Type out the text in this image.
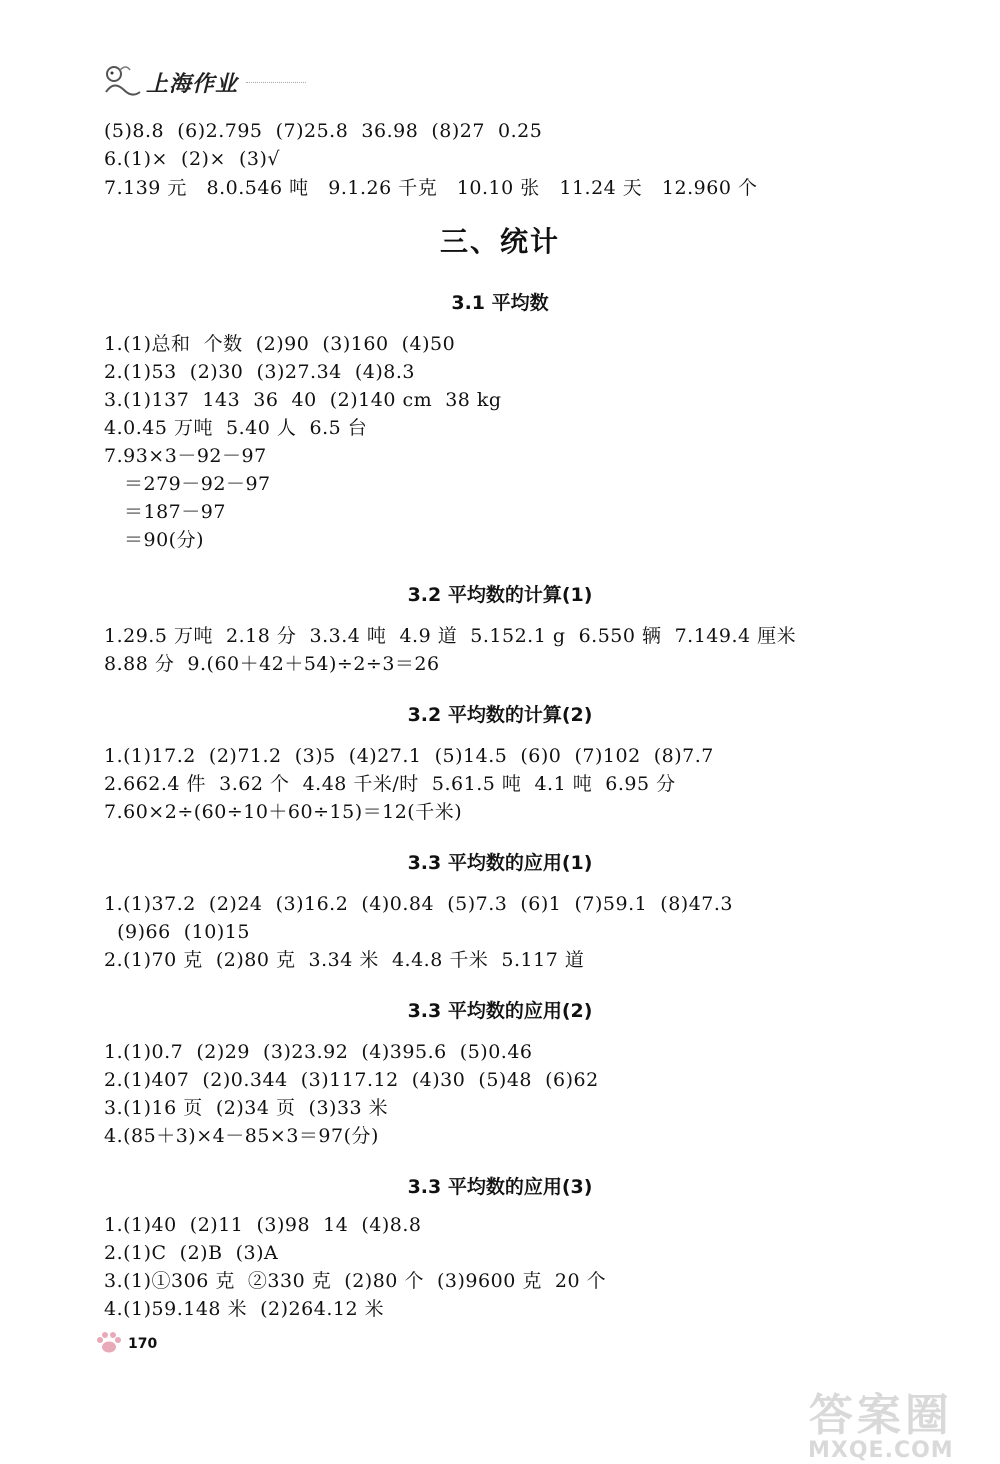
上海作业
(5)8.8  (6)2.795  (7)25.8  36.98  (8)27  0.25
6.(1)×  (2)×  (3)√
7.139 元   8.0.546 吨   9.1.26 千克   10.10 张   11.24 天   12.960 个
三、统计
3.1 平均数
1.(1)总和  个数  (2)90  (3)160  (4)50
2.(1)53  (2)30  (3)27.34  (4)8.3
3.(1)137  143  36  40  (2)140 cm  38 kg
4.0.45 万吨  5.40 人  6.5 台
7.93×3－92－97
＝279－92－97
＝187－97
＝90(分)
3.2 平均数的计算(1)
1.29.5 万吨  2.18 分  3.3.4 吨  4.9 道  5.152.1 g  6.550 辆  7.149.4 厘米
8.88 分  9.(60＋42＋54)÷2÷3＝26
3.2 平均数的计算(2)
1.(1)17.2  (2)71.2  (3)5  (4)27.1  (5)14.5  (6)0  (7)102  (8)7.7
2.662.4 件  3.62 个  4.48 千米/时  5.61.5 吨  4.1 吨  6.95 分
7.60×2÷(60÷10＋60÷15)＝12(千米)
3.3 平均数的应用(1)
1.(1)37.2  (2)24  (3)16.2  (4)0.84  (5)7.3  (6)1  (7)59.1  (8)47.3
(9)66  (10)15
2.(1)70 克  (2)80 克  3.34 米  4.4.8 千米  5.117 道
3.3 平均数的应用(2)
1.(1)0.7  (2)29  (3)23.92  (4)395.6  (5)0.46
2.(1)407  (2)0.344  (3)117.12  (4)30  (5)48  (6)62
3.(1)16 页  (2)34 页  (3)33 米
4.(85＋3)×4－85×3＝97(分)
3.3 平均数的应用(3)
1.(1)40  (2)11  (3)98  14  (4)8.8
2.(1)C  (2)B  (3)A
3.(1)①306 克  ②330 克  (2)80 个  (3)9600 克  20 个
4.(1)59.148 米  (2)264.12 米
170
答案圈
MXQE.COM
